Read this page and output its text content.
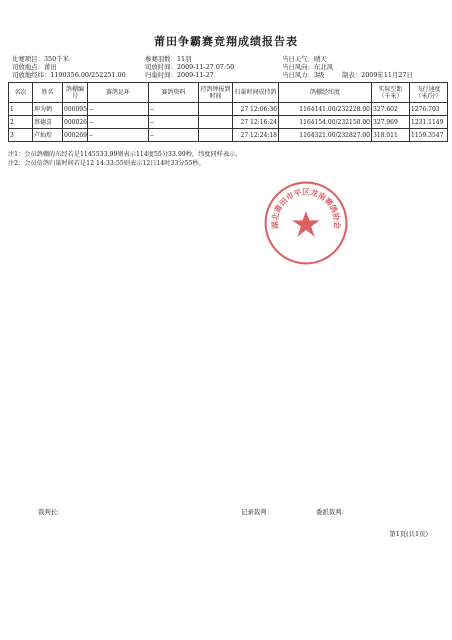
莆田争霸赛竞翔成绩报告表
比赛项目：350千米
司放地点：莆田
司放地经纬：1190356.00/252251.00
参赛羽数：11羽
司放时间：2009-11-27 07:50
归巢时间：2009-11-27
当日天气：晴天
当日风向：东北风
当日风力：3级	制表：2009年11月27日
名次	姓名	鸽棚编号	赛鸽足环	赛鸽资料	持鸽钟报到时间	归巢时间成持鸽	鸽棚经纬度	实际空距（千米）	飞行速度（米/分）
1	坤为鹤	000095	--	--		27 12:06:36	1164141.00/232228.00	327.602	1276.703
2	蔡德喜	000026	--	--		27 12:16:24	1164154.00/232158.00	327.969	1231.1149
3	卢灿煌	000269	--	--		27 12:24:18	1164321.00/232827.00	318.011	1159.3547
注1：会员鸽棚的东经若是1145533.99则表示114度55分33.99秒，纬度同样表示。
注2：会员信鸽归巢时间若是12 14:33:55则表示12日14时33分55秒。
湖北莆田市平区龙南赛鸽协会
裁判长：	记录裁判：	委派裁判：
第1页(共1页)
